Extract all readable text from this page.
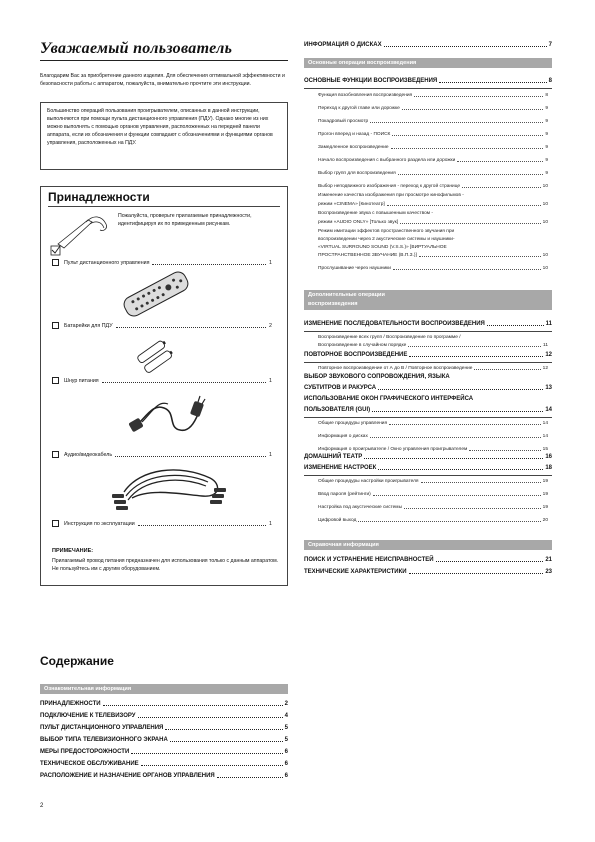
Уважаемый пользователь
Благодарим Вас за приобретение данного изделия. Для обеспечения оптимальной эффективности и безопасности работы с аппаратом, пожалуйста, внимательно прочтите эти инструкции.
Большинство операций пользования проигрывателем, описанных в данной инструкции, выполняются при помощи пульта дистанционного управления (ПДУ). Однако многие из них можно выполнять с помощью органов управления, расположенных на передней панели аппарата, если их обозначения и функции совпадают с обозначениями и функциями органов управления, расположенных на ПДУ.
Принадлежности
Пожалуйста, проверьте прилагаемые принадлежности, идентифицируя их по приведенным рисункам.
Пульт дистанционного управления	1
Батарейки для ПДУ	2
Шнур питания	1
Аудио/видеокабель	1
Инструкция по эксплуатации	1
ПРИМЕЧАНИЕ:
Прилагаемый провод питания предназначен для использования только с данным аппаратом. Не пользуйтесь им с другим оборудованием.
Содержание
Ознакомительная информация
ПРИНАДЛЕЖНОСТИ	2
ПОДКЛЮЧЕНИЕ К ТЕЛЕВИЗОРУ	4
ПУЛЬТ ДИСТАНЦИОННОГО УПРАВЛЕНИЯ	5
ВЫБОР ТИПА ТЕЛЕВИЗИОННОГО ЭКРАНА	5
МЕРЫ ПРЕДОСТОРОЖНОСТИ	6
ТЕХНИЧЕСКОЕ ОБСЛУЖИВАНИЕ	6
РАСПОЛОЖЕНИЕ И НАЗНАЧЕНИЕ ОРГАНОВ УПРАВЛЕНИЯ	6
2
ИНФОРМАЦИЯ О ДИСКАХ	7
Основные операции воспроизведения
ОСНОВНЫЕ ФУНКЦИИ ВОСПРОИЗВЕДЕНИЯ	8
Функция возобновления воспроизведения	8
Переход к другой главе или дорожке	9
Покадровый просмотр	9
Прогон вперед и назад - ПОИСК	9
Замедленное воспроизведение	9
Начало воспроизведения с выбранного раздела или дорожки	9
Выбор групп для воспроизведения	9
Выбор неподвижного изображения - переход к другой странице	10
Изменение качества изображения при просмотре кинофильмов -
режим «CINEMA» [Кинотеатр]	10
Воспроизведение звука с повышенным качеством -
режим «AUDIO ONLY» [Только звук]	10
Режим имитации эффектов пространственного звучания при
воспроизведении через 2 акустические системы и наушники-
«VIRTUAL SURROUND SOUND (V.S.S.)» [ВИРТУАЛЬНОЕ
ПРОСТРАНСТВЕННОЕ ЗВУЧАНИЕ (В.П.З.)]	10
Прослушивание через наушники	10
Дополнительные операции
воспроизведения
ИЗМЕНЕНИЕ ПОСЛЕДОВАТЕЛЬНОСТИ ВОСПРОИЗВЕДЕНИЯ	11
Воспроизведение всех групп / Воспроизведение по программе /
Воспроизведение в случайном порядке	11
ПОВТОРНОЕ ВОСПРОИЗВЕДЕНИЕ	12
Повторное воспроизведение от А до В / Повторное воспроизведение	12
ВЫБОР ЗВУКОВОГО СОПРОВОЖДЕНИЯ, ЯЗЫКА
СУБТИТРОВ И РАКУРСА	13
ИСПОЛЬЗОВАНИЕ ОКОН ГРАФИЧЕСКОГО ИНТЕРФЕЙСА
ПОЛЬЗОВАТЕЛЯ (GUI)	14
Общие процедуры управления	14
Информация о дисках	14
Информация о проигрывателе / Окно управления проигрывателем	15
ДОМАШНИЙ ТЕАТР	16
ИЗМЕНЕНИЕ НАСТРОЕК	18
Общие процедуры настройки проигрывателя	19
Ввод пароля (рейтинги)	19
Настройка под акустические системы	19
Цифровой выход	20
Справочная информация
ПОИСК И УСТРАНЕНИЕ НЕИСПРАВНОСТЕЙ	21
ТЕХНИЧЕСКИЕ ХАРАКТЕРИСТИКИ	23
